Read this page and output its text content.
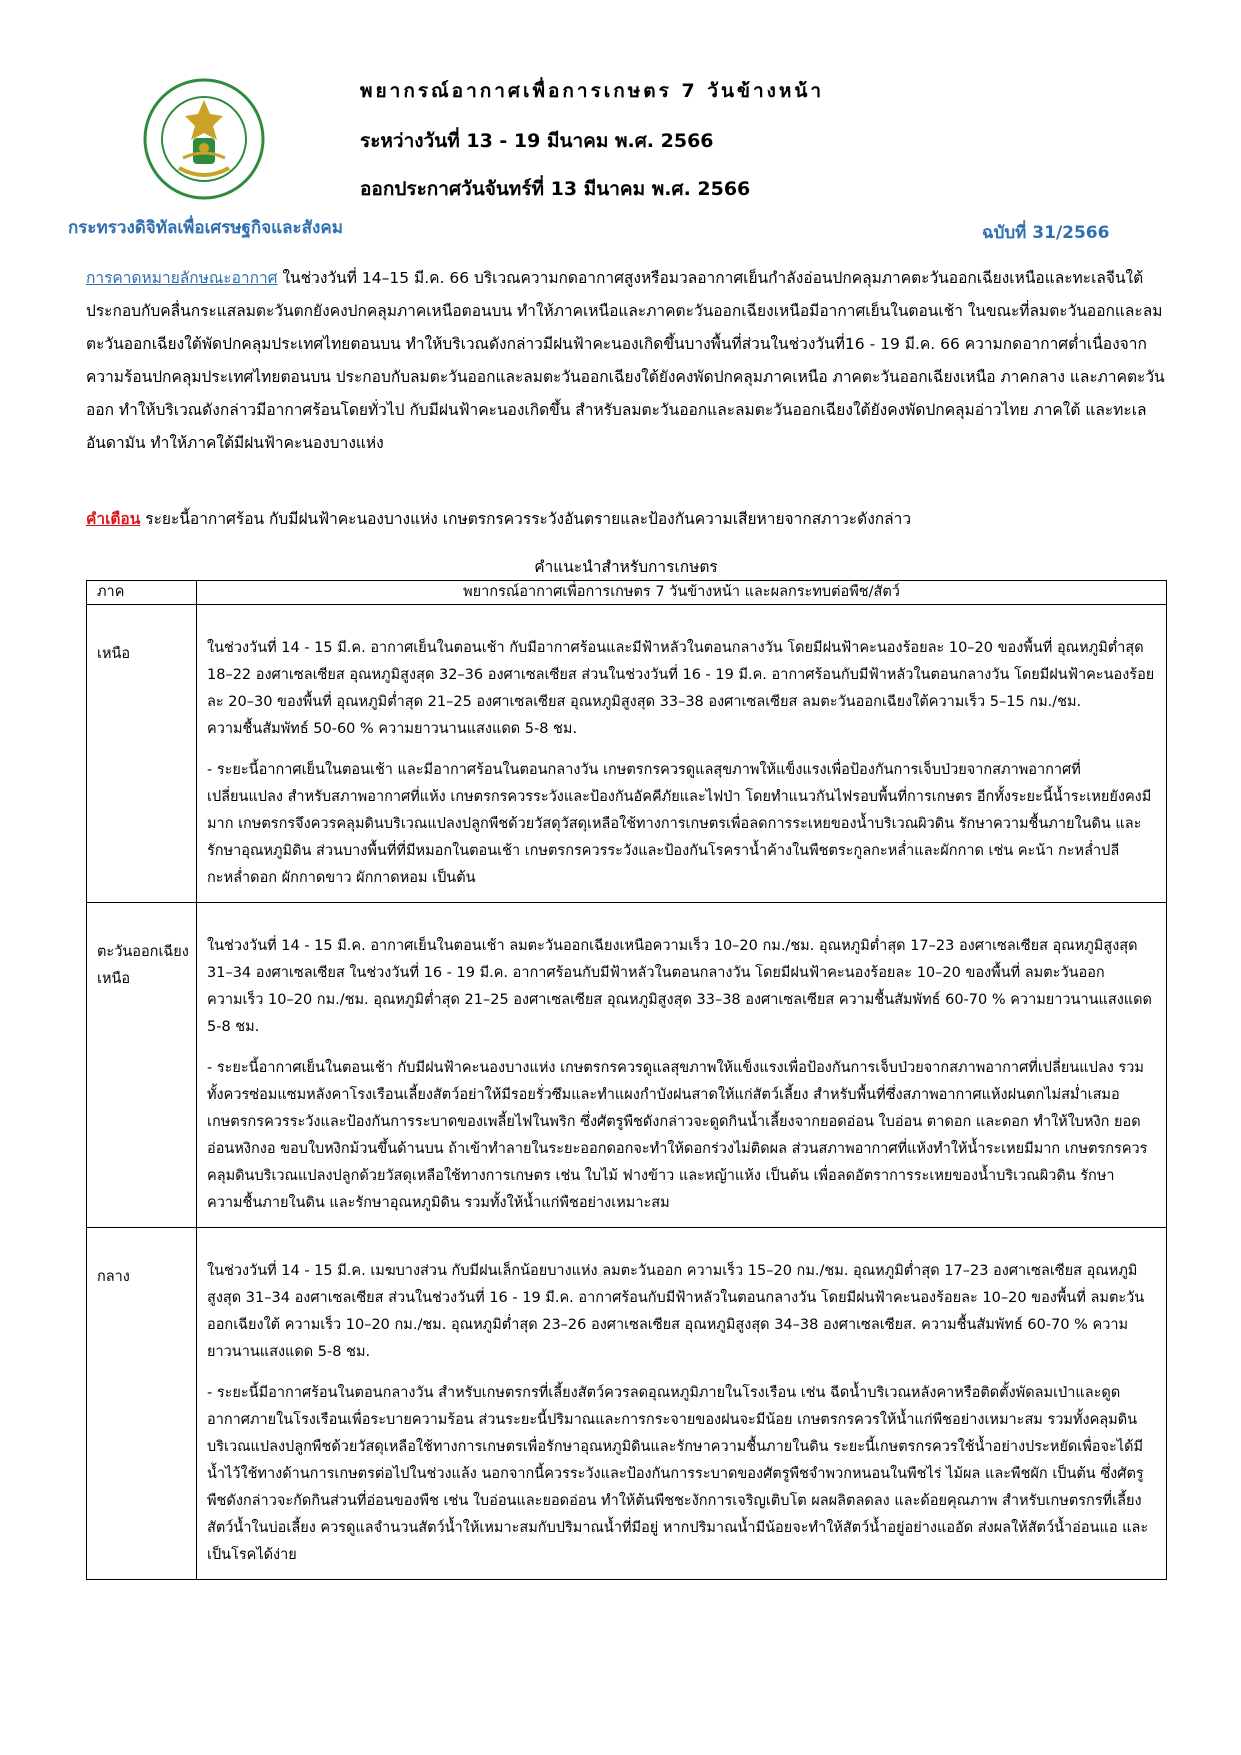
พยากรณ์อากาศเพื่อการเกษตร 7 วันข้างหน้า
ระหว่างวันที่ 13 - 19 มีนาคม พ.ศ. 2566
ออกประกาศวันจันทร์ที่ 13 มีนาคม พ.ศ. 2566
กระทรวงดิจิทัลเพื่อเศรษฐกิจและสังคม	ฉบับที่ 31/2566
การคาดหมายลักษณะอากาศ ในช่วงวันที่ 14–15 มี.ค. 66 บริเวณความกดอากาศสูงหรือมวลอากาศเย็นกำลังอ่อนปกคลุมภาคตะวันออกเฉียงเหนือและทะเลจีนใต้ ประกอบกับคลื่นกระแสลมตะวันตกยังคงปกคลุมภาคเหนือตอนบน ทำให้ภาคเหนือและภาคตะวันออกเฉียงเหนือมีอากาศเย็นในตอนเช้า ในขณะที่ลมตะวันออกและลมตะวันออกเฉียงใต้พัดปกคลุมประเทศไทยตอนบน ทำให้บริเวณดังกล่าวมีฝนฟ้าคะนองเกิดขึ้นบางพื้นที่ส่วนในช่วงวันที่16 - 19 มี.ค. 66 ความกดอากาศต่ำเนื่องจากความร้อนปกคลุมประเทศไทยตอนบน ประกอบกับลมตะวันออกและลมตะวันออกเฉียงใต้ยังคงพัดปกคลุมภาคเหนือ ภาคตะวันออกเฉียงเหนือ ภาคกลาง และภาคตะวันออก ทำให้บริเวณดังกล่าวมีอากาศร้อนโดยทั่วไป กับมีฝนฟ้าคะนองเกิดขึ้น สำหรับลมตะวันออกและลมตะวันออกเฉียงใต้ยังคงพัดปกคลุมอ่าวไทย ภาคใต้ และทะเลอันดามัน ทำให้ภาคใต้มีฝนฟ้าคะนองบางแห่ง
คำเตือน ระยะนี้อากาศร้อน กับมีฝนฟ้าคะนองบางแห่ง เกษตรกรควรระวังอันตรายและป้องกันความเสียหายจากสภาวะดังกล่าว
คำแนะนำสำหรับการเกษตร
ภาค	พยากรณ์อากาศเพื่อการเกษตร 7 วันข้างหน้า และผลกระทบต่อพืช/สัตว์
เหนือ	ในช่วงวันที่ 14 - 15 มี.ค. อากาศเย็นในตอนเช้า กับมีอากาศร้อนและมีฟ้าหลัวในตอนกลางวัน โดยมีฝนฟ้าคะนองร้อยละ 10–20 ของพื้นที่ อุณหภูมิต่ำสุด 18–22 องศาเซลเซียส อุณหภูมิสูงสุด 32–36 องศาเซลเซียส ส่วนในช่วงวันที่ 16 - 19 มี.ค. อากาศร้อนกับมีฟ้าหลัวในตอนกลางวัน โดยมีฝนฟ้าคะนองร้อยละ 20–30 ของพื้นที่ อุณหภูมิต่ำสุด 21–25 องศาเซลเซียส อุณหภูมิสูงสุด 33–38 องศาเซลเซียส ลมตะวันออกเฉียงใต้ความเร็ว 5–15 กม./ชม. ความชื้นสัมพัทธ์ 50-60 % ความยาวนานแสงแดด 5-8 ชม.

- ระยะนี้อากาศเย็นในตอนเช้า และมีอากาศร้อนในตอนกลางวัน เกษตรกรควรดูแลสุขภาพให้แข็งแรงเพื่อป้องกันการเจ็บป่วยจากสภาพอากาศที่เปลี่ยนแปลง สำหรับสภาพอากาศที่แห้ง เกษตรกรควรระวังและป้องกันอัคคีภัยและไฟป่า โดยทำแนวกันไฟรอบพื้นที่การเกษตร อีกทั้งระยะนี้น้ำระเหยยังคงมีมาก เกษตรกรจึงควรคลุมดินบริเวณแปลงปลูกพืชด้วยวัสดุวัสดุเหลือใช้ทางการเกษตรเพื่อลดการระเหยของน้ำบริเวณผิวดิน รักษาความชื้นภายในดิน และรักษาอุณหภูมิดิน ส่วนบางพื้นที่ที่มีหมอกในตอนเช้า เกษตรกรควรระวังและป้องกันโรคราน้ำค้างในพืชตระกูลกะหล่ำและผักกาด เช่น คะน้า กะหล่ำปลี กะหล่ำดอก ผักกาดขาว ผักกาดหอม เป็นต้น

ตะวันออกเฉียงเหนือ	ในช่วงวันที่ 14 - 15 มี.ค. อากาศเย็นในตอนเช้า ลมตะวันออกเฉียงเหนือความเร็ว 10–20 กม./ชม. อุณหภูมิต่ำสุด 17–23 องศาเซลเซียส อุณหภูมิสูงสุด 31–34 องศาเซลเซียส ในช่วงวันที่ 16 - 19 มี.ค. อากาศร้อนกับมีฟ้าหลัวในตอนกลางวัน โดยมีฝนฟ้าคะนองร้อยละ 10–20 ของพื้นที่ ลมตะวันออกความเร็ว 10–20 กม./ชม. อุณหภูมิต่ำสุด 21–25 องศาเซลเซียส อุณหภูมิสูงสุด 33–38 องศาเซลเซียส ความชื้นสัมพัทธ์ 60-70 % ความยาวนานแสงแดด 5-8 ชม.

- ระยะนี้อากาศเย็นในตอนเช้า กับมีฝนฟ้าคะนองบางแห่ง เกษตรกรควรดูแลสุขภาพให้แข็งแรงเพื่อป้องกันการเจ็บป่วยจากสภาพอากาศที่เปลี่ยนแปลง รวมทั้งควรซ่อมแซมหลังคาโรงเรือนเลี้ยงสัตว์อย่าให้มีรอยรั่วซึมและทำแผงกำบังฝนสาดให้แก่สัตว์เลี้ยง สำหรับพื้นที่ซึ่งสภาพอากาศแห้งฝนตกไม่สม่ำเสมอ เกษตรกรควรระวังและป้องกันการระบาดของเพลี้ยไฟในพริก ซึ่งศัตรูพืชดังกล่าวจะดูดกินน้ำเลี้ยงจากยอดอ่อน ใบอ่อน ตาดอก และดอก ทำให้ใบหงิก ยอดอ่อนหงิกงอ ขอบใบหงิกม้วนขึ้นด้านบน ถ้าเข้าทำลายในระยะออกดอกจะทำให้ดอกร่วงไม่ติดผล ส่วนสภาพอากาศที่แห้งทำให้น้ำระเหยมีมาก เกษตรกรควรคลุมดินบริเวณแปลงปลูกด้วยวัสดุเหลือใช้ทางการเกษตร เช่น ใบไม้ ฟางข้าว และหญ้าแห้ง เป็นต้น เพื่อลดอัตราการระเหยของน้ำบริเวณผิวดิน รักษาความชื้นภายในดิน และรักษาอุณหภูมิดิน รวมทั้งให้น้ำแก่พืชอย่างเหมาะสม

กลาง	ในช่วงวันที่ 14 - 15 มี.ค. เมฆบางส่วน กับมีฝนเล็กน้อยบางแห่ง ลมตะวันออก ความเร็ว 15–20 กม./ชม. อุณหภูมิต่ำสุด 17–23 องศาเซลเซียส อุณหภูมิสูงสุด 31–34 องศาเซลเซียส ส่วนในช่วงวันที่ 16 - 19 มี.ค. อากาศร้อนกับมีฟ้าหลัวในตอนกลางวัน โดยมีฝนฟ้าคะนองร้อยละ 10–20 ของพื้นที่ ลมตะวันออกเฉียงใต้ ความเร็ว 10–20 กม./ชม. อุณหภูมิต่ำสุด 23–26 องศาเซลเซียส อุณหภูมิสูงสุด 34–38 องศาเซลเซียส. ความชื้นสัมพัทธ์ 60-70 % ความยาวนานแสงแดด 5-8 ชม.

- ระยะนี้มีอากาศร้อนในตอนกลางวัน สำหรับเกษตรกรที่เลี้ยงสัตว์ควรลดอุณหภูมิภายในโรงเรือน เช่น ฉีดน้ำบริเวณหลังคาหรือติดตั้งพัดลมเป่าและดูดอากาศภายในโรงเรือนเพื่อระบายความร้อน ส่วนระยะนี้ปริมาณและการกระจายของฝนจะมีน้อย เกษตรกรควรให้น้ำแก่พืชอย่างเหมาะสม รวมทั้งคลุมดินบริเวณแปลงปลูกพืชด้วยวัสดุเหลือใช้ทางการเกษตรเพื่อรักษาอุณหภูมิดินและรักษาความชื้นภายในดิน ระยะนี้เกษตรกรควรใช้น้ำอย่างประหยัดเพื่อจะได้มีน้ำไว้ใช้ทางด้านการเกษตรต่อไปในช่วงแล้ง นอกจากนี้ควรระวังและป้องกันการระบาดของศัตรูพืชจำพวกหนอนในพืชไร่ ไม้ผล และพืชผัก เป็นต้น ซึ่งศัตรูพืชดังกล่าวจะกัดกินส่วนที่อ่อนของพืช เช่น ใบอ่อนและยอดอ่อน ทำให้ต้นพืชชะงักการเจริญเติบโต ผลผลิตลดลง และด้อยคุณภาพ สำหรับเกษตรกรที่เลี้ยงสัตว์น้ำในบ่อเลี้ยง ควรดูแลจำนวนสัตว์น้ำให้เหมาะสมกับปริมาณน้ำที่มีอยู่ หากปริมาณน้ำมีน้อยจะทำให้สัตว์น้ำอยู่อย่างแออัด ส่งผลให้สัตว์น้ำอ่อนแอ และเป็นโรคได้ง่าย
